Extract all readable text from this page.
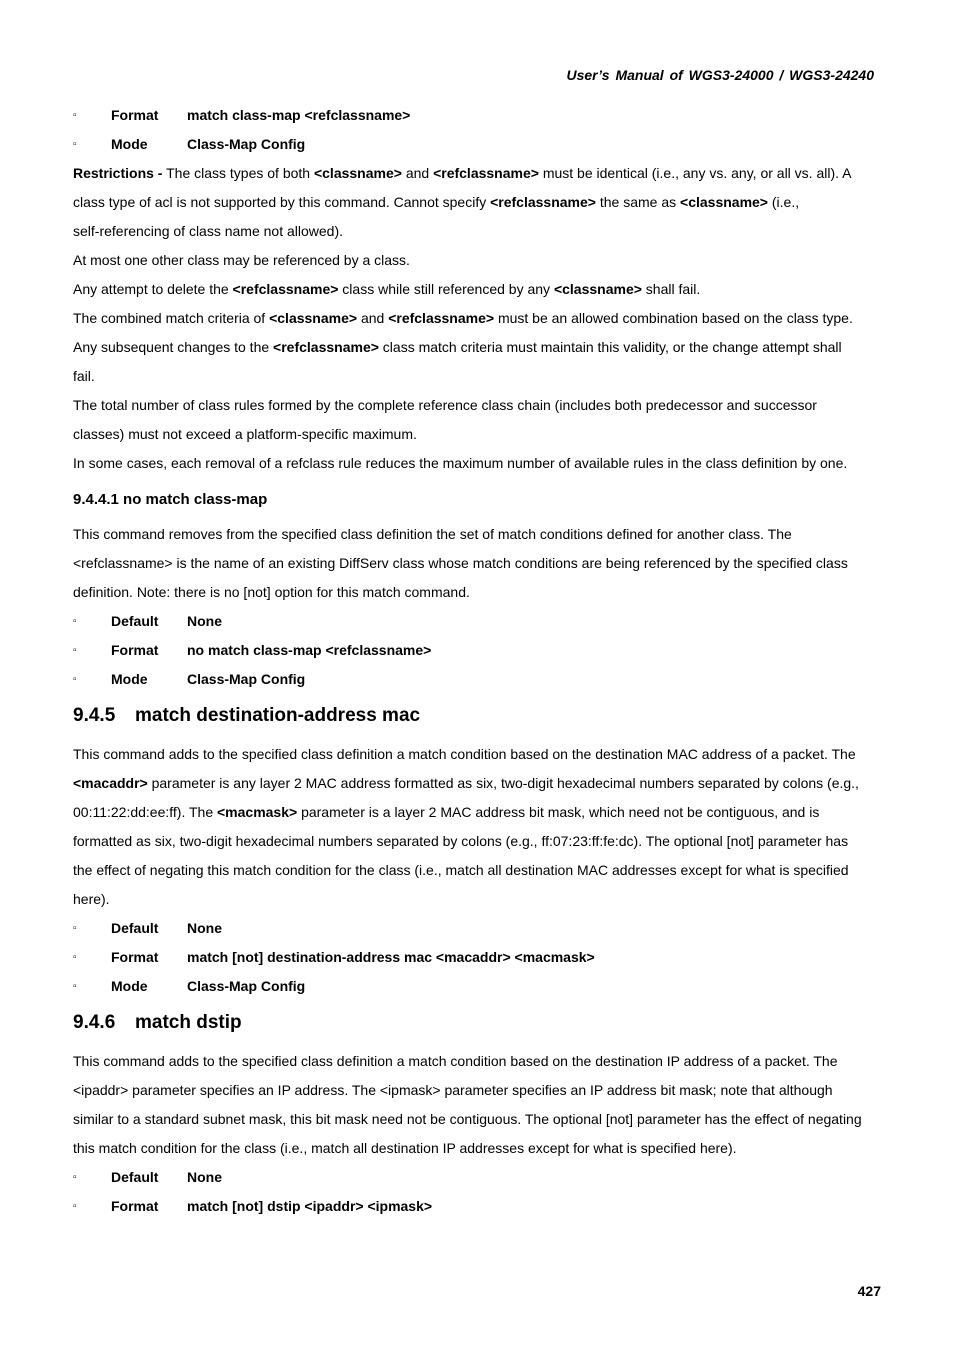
User’s Manual of WGS3-24000 / WGS3-24240
▫	Format	match class-map <refclassname>
▫	Mode	Class-Map Config
Restrictions - The class types of both <classname> and <refclassname> must be identical (i.e., any vs. any, or all vs. all). A
class type of acl is not supported by this command. Cannot specify <refclassname> the same as <classname> (i.e.,
self-referencing of class name not allowed).
At most one other class may be referenced by a class.
Any attempt to delete the <refclassname> class while still referenced by any <classname> shall fail.
The combined match criteria of <classname> and <refclassname> must be an allowed combination based on the class type.
Any subsequent changes to the <refclassname> class match criteria must maintain this validity, or the change attempt shall
fail.
The total number of class rules formed by the complete reference class chain (includes both predecessor and successor
classes) must not exceed a platform-specific maximum.
In some cases, each removal of a refclass rule reduces the maximum number of available rules in the class definition by one.
9.4.4.1 no match class-map
This command removes from the specified class definition the set of match conditions defined for another class. The
<refclassname> is the name of an existing DiffServ class whose match conditions are being referenced by the specified class
definition. Note: there is no [not] option for this match command.
▫	Default	None
▫	Format	no match class-map <refclassname>
▫	Mode	Class-Map Config
9.4.5 match destination-address mac
This command adds to the specified class definition a match condition based on the destination MAC address of a packet. The
<macaddr> parameter is any layer 2 MAC address formatted as six, two-digit hexadecimal numbers separated by colons (e.g.,
00:11:22:dd:ee:ff). The <macmask> parameter is a layer 2 MAC address bit mask, which need not be contiguous, and is
formatted as six, two-digit hexadecimal numbers separated by colons (e.g., ff:07:23:ff:fe:dc). The optional [not] parameter has
the effect of negating this match condition for the class (i.e., match all destination MAC addresses except for what is specified
here).
▫	Default	None
▫	Format	match [not] destination-address mac <macaddr> <macmask>
▫	Mode	Class-Map Config
9.4.6 match dstip
This command adds to the specified class definition a match condition based on the destination IP address of a packet. The
<ipaddr> parameter specifies an IP address. The <ipmask> parameter specifies an IP address bit mask; note that although
similar to a standard subnet mask, this bit mask need not be contiguous. The optional [not] parameter has the effect of negating
this match condition for the class (i.e., match all destination IP addresses except for what is specified here).
▫	Default	None
▫	Format	match [not] dstip <ipaddr> <ipmask>
427
